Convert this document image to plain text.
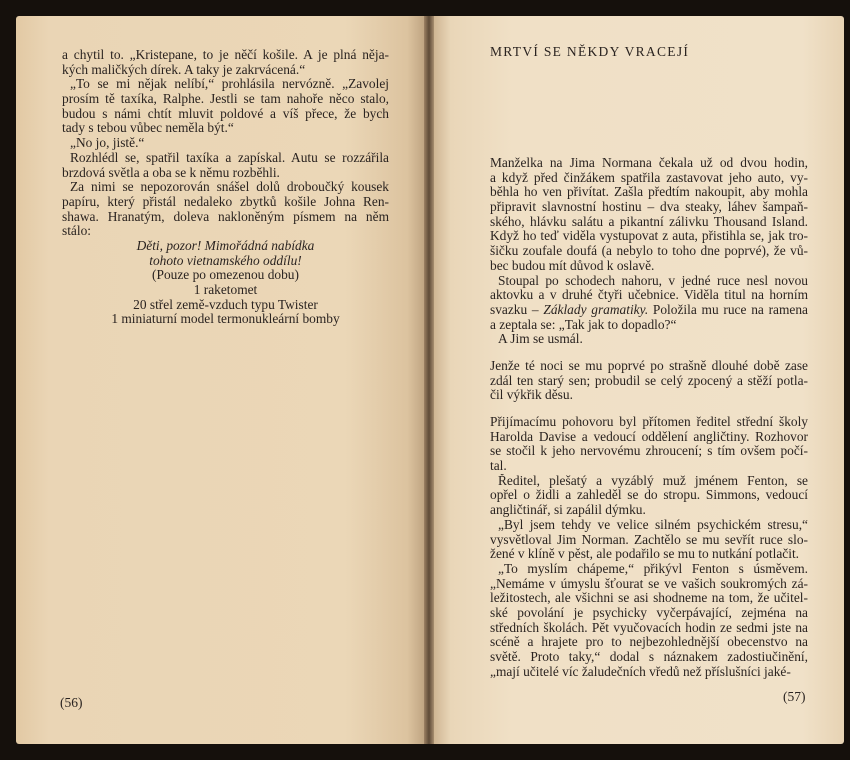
a chytil to. „Kristepane, to je něčí košile. A je plná něja-
kých maličkých dírek. A taky je zakrvácená.“
„To se mi nějak nelíbí,“ prohlásila nervózně. „Zavolej
prosím tě taxíka, Ralphe. Jestli se tam nahoře něco stalo,
budou s námi chtít mluvit poldové a víš přece, že bych
tady s tebou vůbec neměla být.“
„No jo, jistě.“
Rozhlédl se, spatřil taxíka a zapískal. Autu se rozzářila
brzdová světla a oba se k němu rozběhli.
Za nimi se nepozorován snášel dolů droboučký kousek
papíru, který přistál nedaleko zbytků košile Johna Ren-
shawa. Hranatým, doleva nakloněným písmem na něm
stálo:
Děti, pozor! Mimořádná nabídka
tohoto vietnamského oddílu!
(Pouze po omezenou dobu)
1 raketomet
20 střel země-vzduch typu Twister
1 miniaturní model termonukleární bomby
MRTVÍ SE NĚKDY VRACEJÍ
Manželka na Jima Normana čekala už od dvou hodin,
a když před činžákem spatřila zastavovat jeho auto, vy-
běhla ho ven přivítat. Zašla předtím nakoupit, aby mohla
připravit slavnostní hostinu – dva steaky, láhev šampaň-
ského, hlávku salátu a pikantní zálivku Thousand Island.
Když ho teď viděla vystupovat z auta, přistihla se, jak tro-
šičku zoufale doufá (a nebylo to toho dne poprvé), že vů-
bec budou mít důvod k oslavě.
Stoupal po schodech nahoru, v jedné ruce nesl novou
aktovku a v druhé čtyři učebnice. Viděla titul na horním
svazku – Základy gramatiky. Položila mu ruce na ramena
a zeptala se: „Tak jak to dopadlo?“
A Jim se usmál.
Jenže té noci se mu poprvé po strašně dlouhé době zase
zdál ten starý sen; probudil se celý zpocený a stěží potla-
čil výkřik děsu.
Přijímacímu pohovoru byl přítomen ředitel střední školy
Harolda Davise a vedoucí oddělení angličtiny. Rozhovor
se stočil k jeho nervovému zhroucení; s tím ovšem počí-
tal.
Ředitel, plešatý a vyzáblý muž jménem Fenton, se
opřel o židli a zahleděl se do stropu. Simmons, vedoucí
angličtinář, si zapálil dýmku.
„Byl jsem tehdy ve velice silném psychickém stresu,“
vysvětloval Jim Norman. Zachtělo se mu sevřít ruce slo-
žené v klíně v pěst, ale podařilo se mu to nutkání potlačit.
„To myslím chápeme,“ přikývl Fenton s úsměvem.
„Nemáme v úmyslu šťourat se ve vašich soukromých zá-
ležitostech, ale všichni se asi shodneme na tom, že učitel-
ské povolání je psychicky vyčerpávající, zejména na
středních školách. Pět vyučovacích hodin ze sedmi jste na
scéně a hrajete pro to nejbezohlednější obecenstvo na
světě. Proto taky,“ dodal s náznakem zadostiučinění,
„mají učitelé víc žaludečních vředů než příslušníci jaké-
(56)	(57)
